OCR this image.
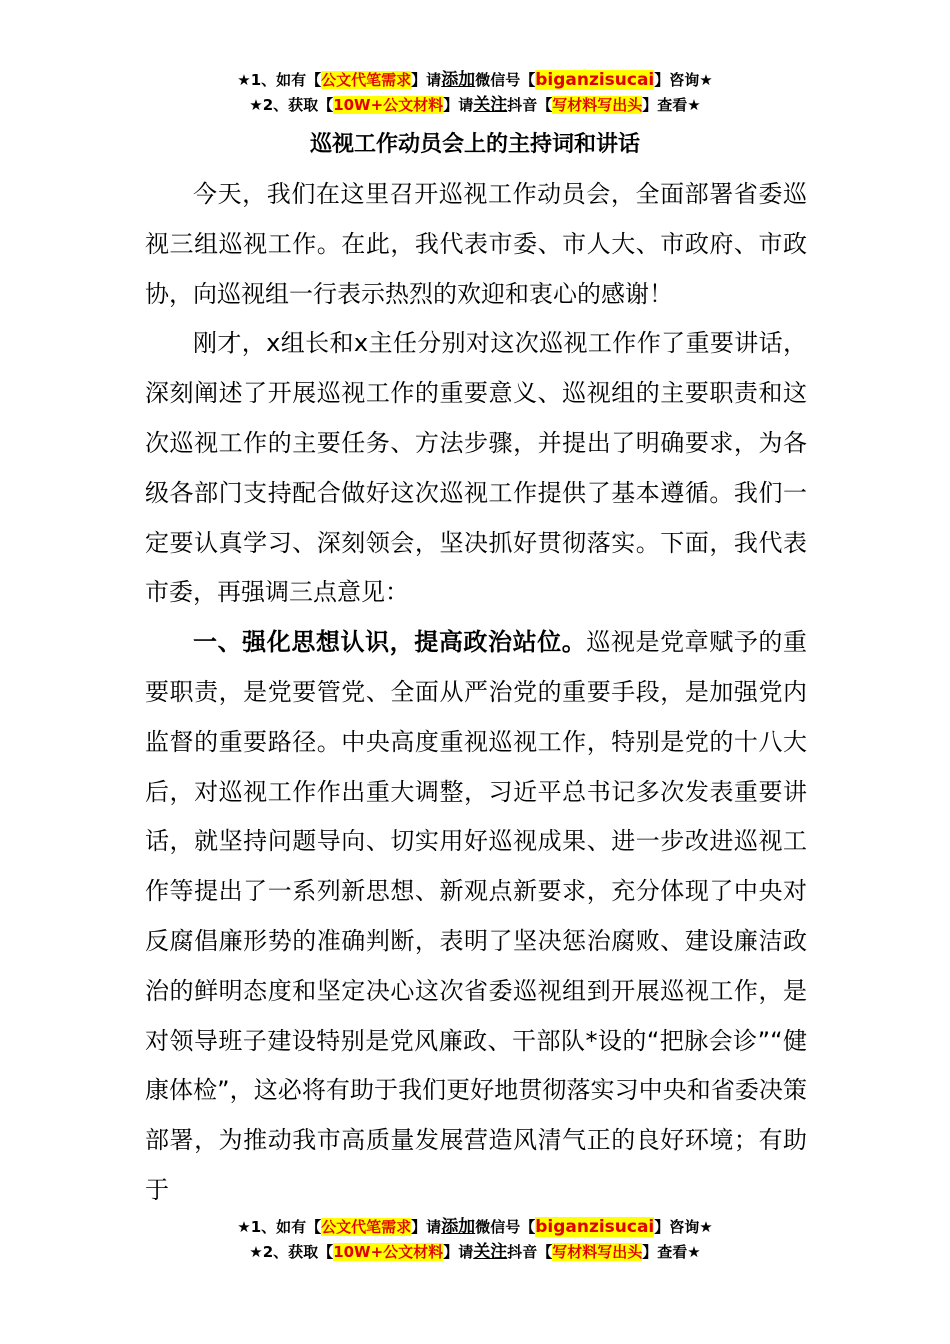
★1、如有【公文代笔需求】请添加微信号【biganzisucai】咨询★
★2、获取【10W+公文材料】请关注抖音【写材料写出头】查看★
巡视工作动员会上的主持词和讲话

今天，我们在这里召开巡视工作动员会，全面部署省委巡视三组巡视工作。在此，我代表市委、市人大、市政府、市政协，向巡视组一行表示热烈的欢迎和衷心的感谢！

刚才，x组长和x主任分别对这次巡视工作作了重要讲话，深刻阐述了开展巡视工作的重要意义、巡视组的主要职责和这次巡视工作的主要任务、方法步骤，并提出了明确要求，为各级各部门支持配合做好这次巡视工作提供了基本遵循。我们一定要认真学习、深刻领会，坚决抓好贯彻落实。下面，我代表市委，再强调三点意见：

一、强化思想认识，提高政治站位。巡视是党章赋予的重要职责，是党要管党、全面从严治党的重要手段，是加强党内监督的重要路径。中央高度重视巡视工作，特别是党的十八大后，对巡视工作作出重大调整，习近平总书记多次发表重要讲话，就坚持问题导向、切实用好巡视成果、进一步改进巡视工作等提出了一系列新思想、新观点新要求，充分体现了中央对反腐倡廉形势的准确判断，表明了坚决惩治腐败、建设廉洁政治的鲜明态度和坚定决心这次省委巡视组到开展巡视工作，是对领导班子建设特别是党风廉政、干部队*设的“把脉会诊”“健康体检”，这必将有助于我们更好地贯彻落实习中央和省委决策部署，为推动我市高质量发展营造风清气正的良好环境；有助于

★1、如有【公文代笔需求】请添加微信号【biganzisucai】咨询★
★2、获取【10W+公文材料】请关注抖音【写材料写出头】查看★
